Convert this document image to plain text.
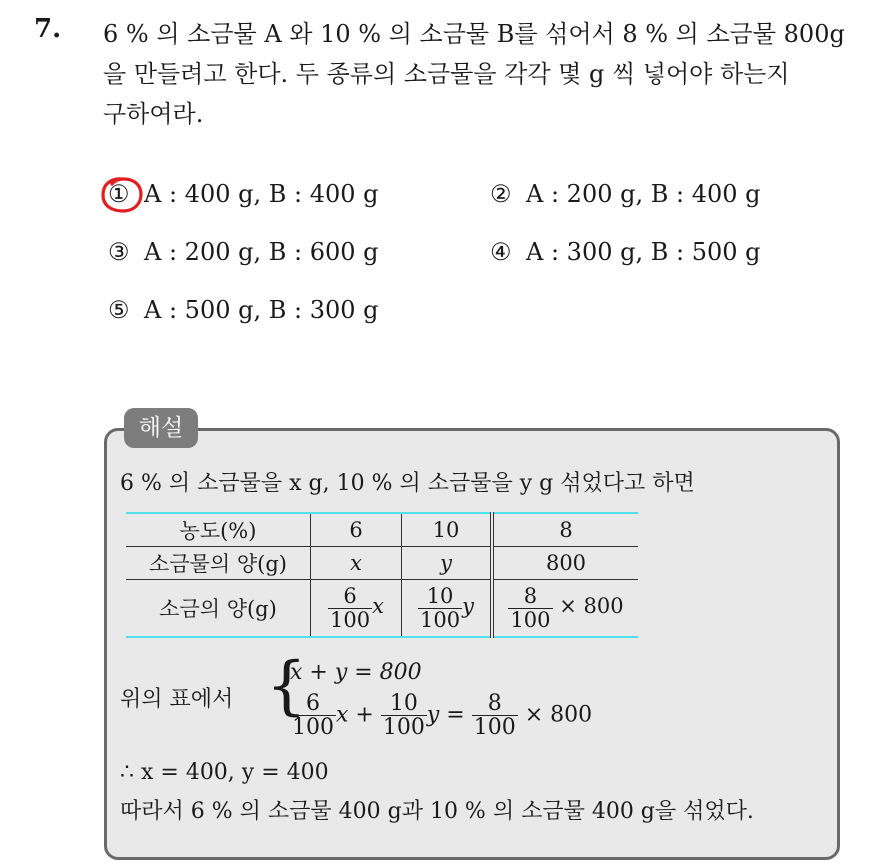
7. 6 % 의 소금물 A 와 10 % 의 소금물 B를 섞어서 8 % 의 소금물 800g
을 만들려고 한다. 두 종류의 소금물을 각각 몇 g 씩 넣어야 하는지
구하여라.
① A : 400 g, B : 400 g	② A : 200 g, B : 400 g
③ A : 200 g, B : 600 g	④ A : 300 g, B : 500 g
⑤ A : 500 g, B : 300 g
해설
6 % 의 소금물을 x g, 10 % 의 소금물을 y g 섞었다고 하면
농도(%)	6	10	8
소금물의 양(g)	x	y	800
소금의 양(g)	$\frac{6}{100}$ x	$\frac{10}{100}$ y	$\frac{8}{100} \times 800$
위의 표에서 {
x + y = 800
$\frac{6}{100}$ $x + \frac{10}{100}$ $y = \frac{8}{100} \times 800$
∴ x = 400, y = 400
따라서 6 % 의 소금물 400 g과 10 % 의 소금물 400 g을 섞었다.
